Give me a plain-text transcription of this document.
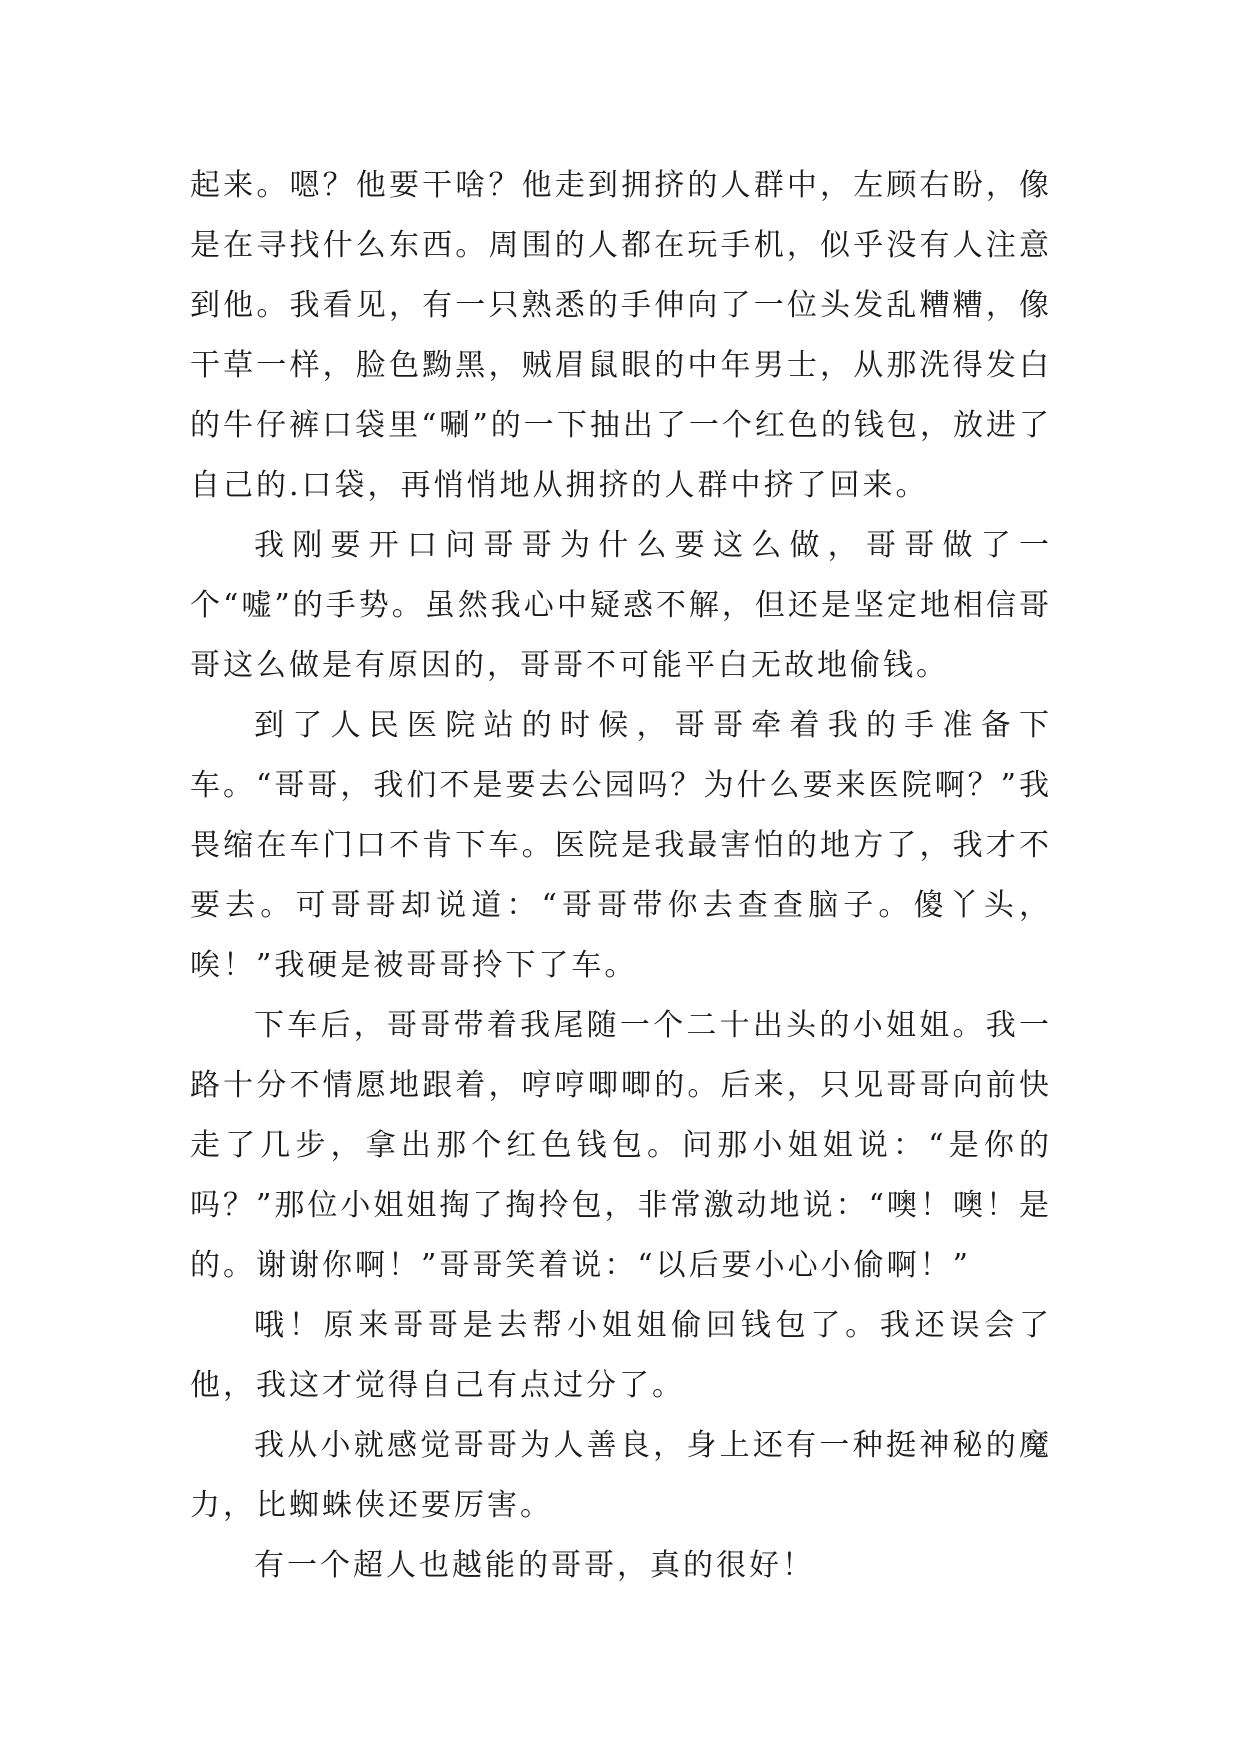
起来。嗯？他要干啥？他走到拥挤的人群中，左顾右盼，像是在寻找什么东西。周围的人都在玩手机，似乎没有人注意到他。我看见，有一只熟悉的手伸向了一位头发乱糟糟，像干草一样，脸色黝黑，贼眉鼠眼的中年男士，从那洗得发白的牛仔裤口袋里“唰”的一下抽出了一个红色的钱包，放进了自己的.口袋，再悄悄地从拥挤的人群中挤了回来。

我刚要开口问哥哥为什么要这么做，哥哥做了一个“嘘”的手势。虽然我心中疑惑不解，但还是坚定地相信哥哥这么做是有原因的，哥哥不可能平白无故地偷钱。

到了人民医院站的时候，哥哥牵着我的手准备下车。“哥哥，我们不是要去公园吗？为什么要来医院啊？”我畏缩在车门口不肯下车。医院是我最害怕的地方了，我才不要去。可哥哥却说道：“哥哥带你去查查脑子。傻丫头，唉！”我硬是被哥哥拎下了车。

下车后，哥哥带着我尾随一个二十出头的小姐姐。我一路十分不情愿地跟着，哼哼唧唧的。后来，只见哥哥向前快走了几步，拿出那个红色钱包。问那小姐姐说：“是你的吗？”那位小姐姐掏了掏拎包，非常激动地说：“噢！噢！是的。谢谢你啊！”哥哥笑着说：“以后要小心小偷啊！”

哦！原来哥哥是去帮小姐姐偷回钱包了。我还误会了他，我这才觉得自己有点过分了。

我从小就感觉哥哥为人善良，身上还有一种挺神秘的魔力，比蜘蛛侠还要厉害。

有一个超人也越能的哥哥，真的很好！
